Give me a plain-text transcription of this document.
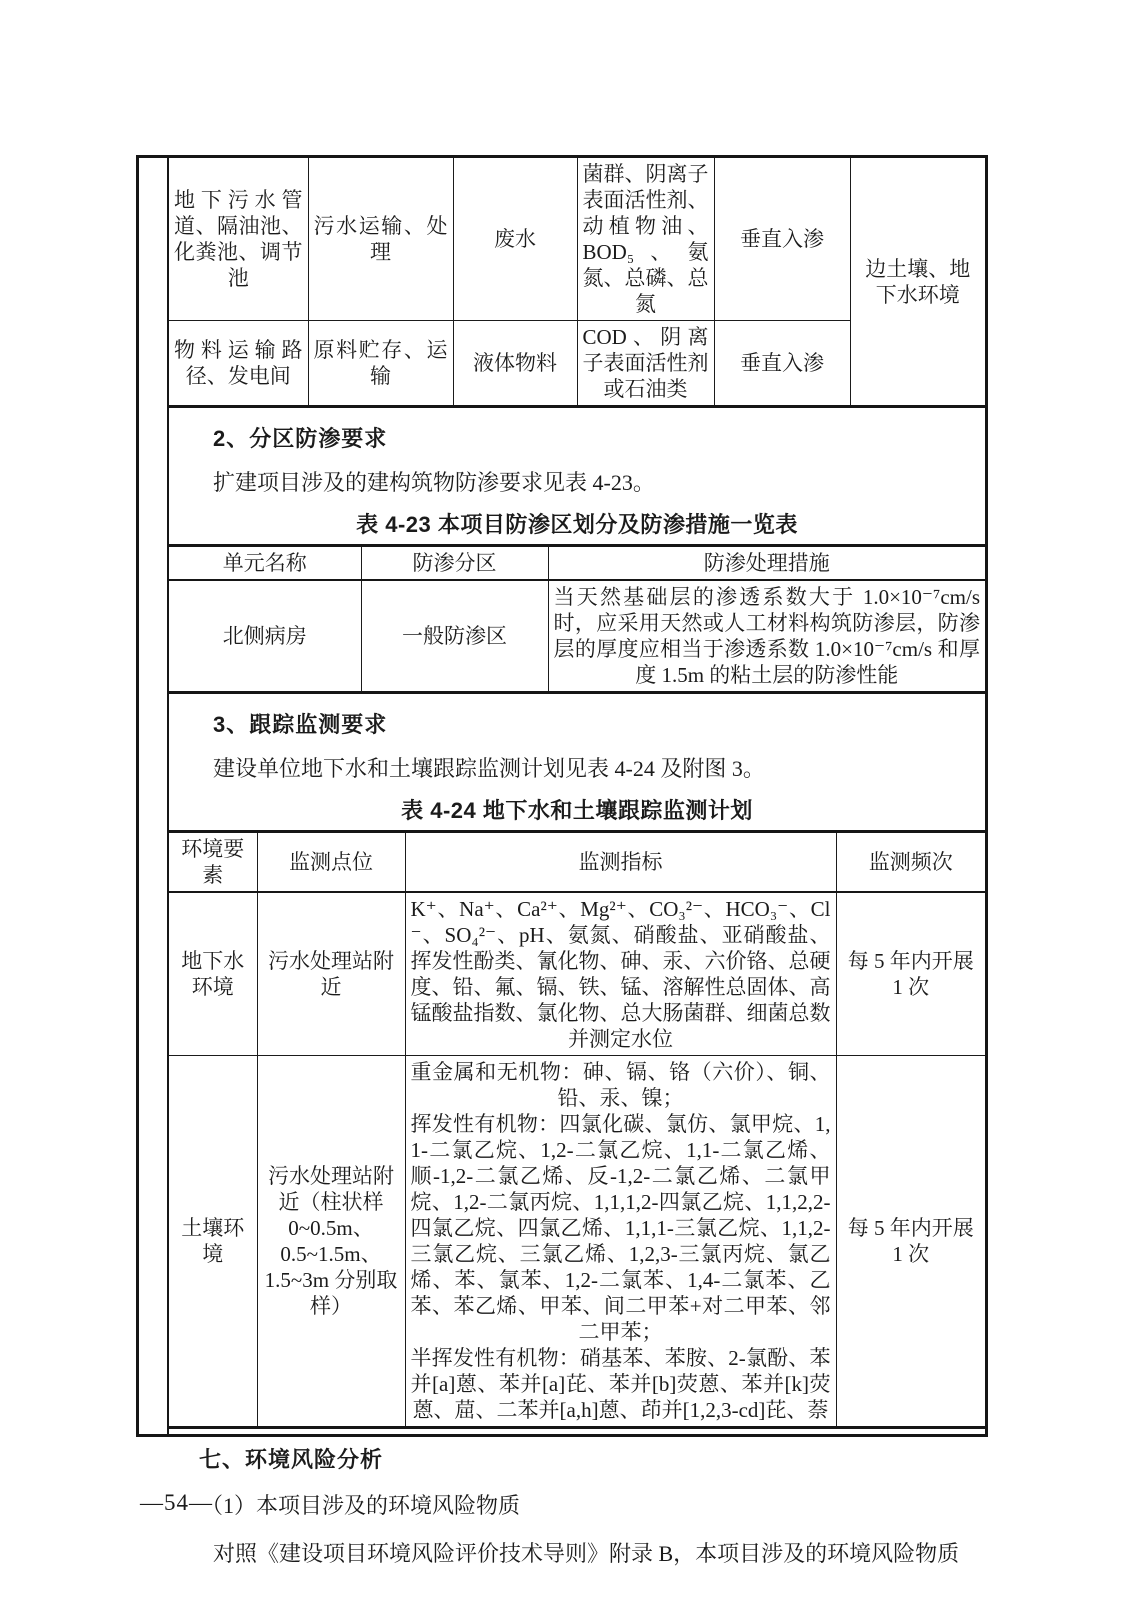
地下污水管道、隔油池、化粪池、调节池	污水运输、处理	废水	菌群、阴离子表面活性剂、动植物油、BOD₅、氨氮、总磷、总氮	垂直入渗	边土壤、地下水环境
物料运输路径、发电间	原料贮存、运输	液体物料	COD、阴离子表面活性剂或石油类	垂直入渗	
2、分区防渗要求

扩建项目涉及的建构筑物防渗要求见表 4-23。

表 4-23 本项目防渗区划分及防渗措施一览表
单元名称	防渗分区	防渗处理措施
北侧病房	一般防渗区	当天然基础层的渗透系数大于 1.0×10⁻⁷cm/s 时，应采用天然或人工材料构筑防渗层，防渗层的厚度应相当于渗透系数 1.0×10⁻⁷cm/s 和厚度 1.5m 的粘土层的防渗性能
3、跟踪监测要求

建设单位地下水和土壤跟踪监测计划见表 4-24 及附图 3。

表 4-24 地下水和土壤跟踪监测计划
环境要素	监测点位	监测指标	监测频次
地下水环境	污水处理站附近	K⁺、Na⁺、Ca²⁺、Mg²⁺、CO₃²⁻、HCO₃⁻、Cl⁻、SO₄²⁻、pH、氨氮、硝酸盐、亚硝酸盐、挥发性酚类、氰化物、砷、汞、六价铬、总硬度、铅、氟、镉、铁、锰、溶解性总固体、高锰酸盐指数、氯化物、总大肠菌群、细菌总数并测定水位	每 5 年内开展 1 次
土壤环境	污水处理站附近（柱状样 0~0.5m、0.5~1.5m、1.5~3m 分别取样）	重金属和无机物：砷、镉、铬（六价）、铜、铅、汞、镍；
挥发性有机物：四氯化碳、氯仿、氯甲烷、1,1-二氯乙烷、1,2-二氯乙烷、1,1-二氯乙烯、顺-1,2-二氯乙烯、反-1,2-二氯乙烯、二氯甲烷、1,2-二氯丙烷、1,1,1,2-四氯乙烷、1,1,2,2-四氯乙烷、四氯乙烯、1,1,1-三氯乙烷、1,1,2-三氯乙烷、三氯乙烯、1,2,3-三氯丙烷、氯乙烯、苯、氯苯、1,2-二氯苯、1,4-二氯苯、乙苯、苯乙烯、甲苯、间二甲苯+对二甲苯、邻二甲苯；
半挥发性有机物：硝基苯、苯胺、2-氯酚、苯并[a]蒽、苯并[a]芘、苯并[b]荧蒽、苯并[k]荧蒽、䓛、二苯并[a,h]蒽、茚并[1,2,3-cd]芘、萘	每 5 年内开展 1 次
七、环境风险分析

（1）本项目涉及的环境风险物质

对照《建设项目环境风险评价技术导则》附录 B，本项目涉及的环境风险物质

—54—
